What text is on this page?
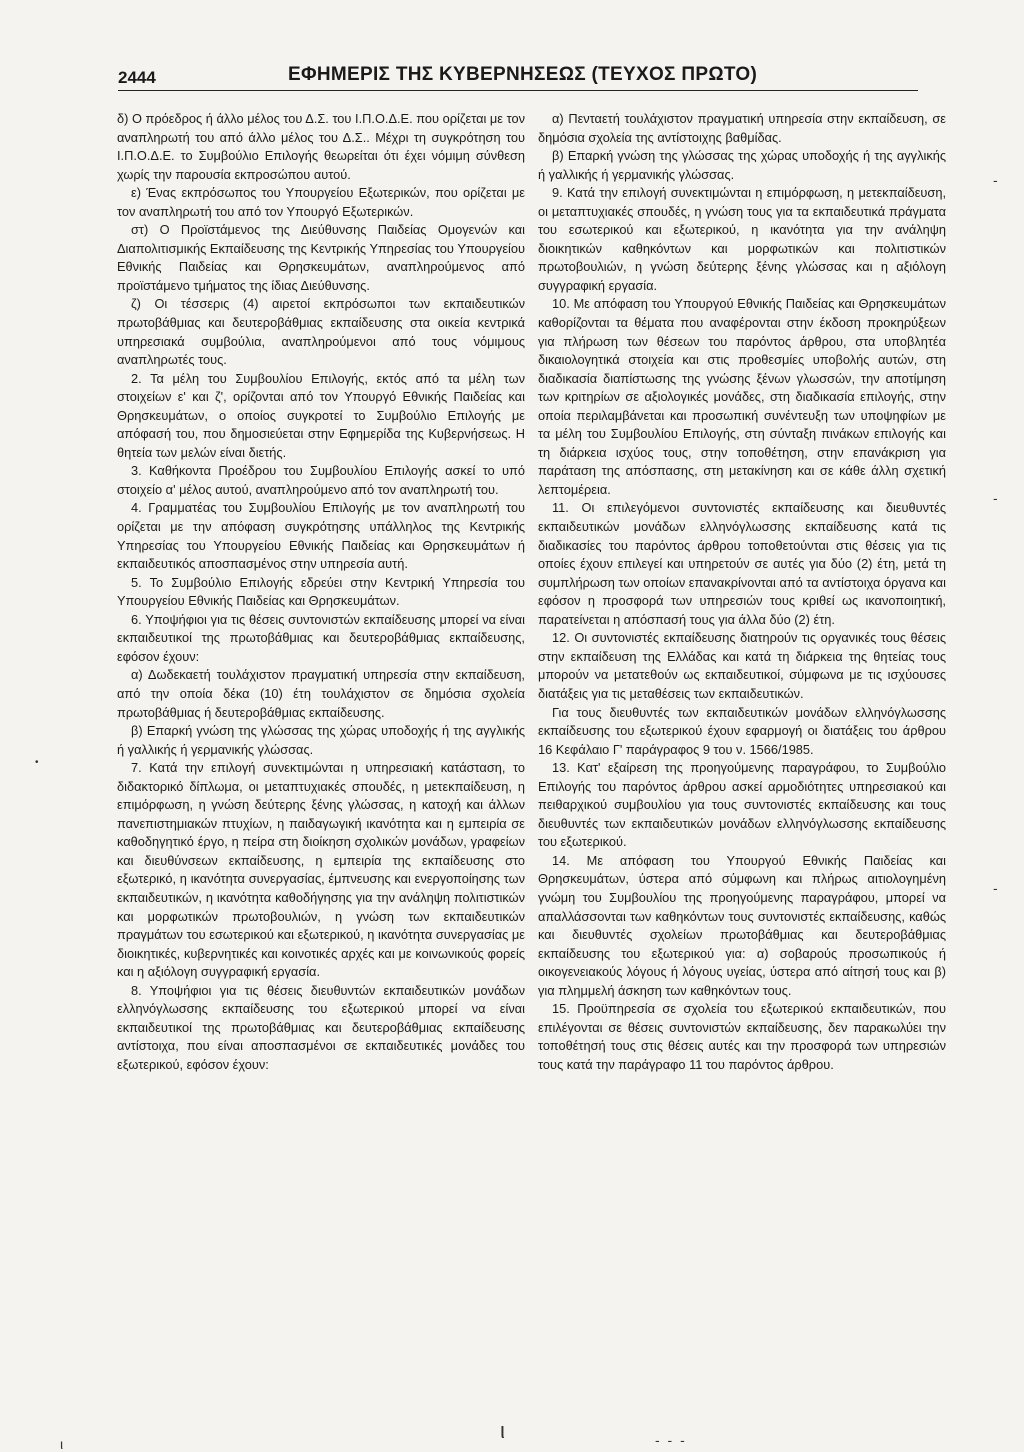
2444	ΕΦΗΜΕΡΙΣ ΤΗΣ ΚΥΒΕΡΝΗΣΕΩΣ (ΤΕΥΧΟΣ ΠΡΩΤΟ)

δ) Ο πρόεδρος ή άλλο μέλος του Δ.Σ. του Ι.Π.Ο.Δ.Ε. που ορίζεται με τον αναπληρωτή του από άλλο μέλος του Δ.Σ.. Μέχρι τη συγκρότηση του Ι.Π.Ο.Δ.Ε. το Συμβούλιο Επιλογής θεωρείται ότι έχει νόμιμη σύνθεση χωρίς την παρουσία εκπροσώπου αυτού.

ε) Ένας εκπρόσωπος του Υπουργείου Εξωτερικών, που ορίζεται με τον αναπληρωτή του από τον Υπουργό Εξωτερικών.

στ) Ο Προϊστάμενος της Διεύθυνσης Παιδείας Ομογενών και Διαπολιτισμικής Εκπαίδευσης της Κεντρικής Υπηρεσίας του Υπουργείου Εθνικής Παιδείας και Θρησκευμάτων, αναπληρούμενος από προϊστάμενο τμήματος της ίδιας Διεύθυνσης.

ζ) Οι τέσσερις (4) αιρετοί εκπρόσωποι των εκπαιδευτικών πρωτοβάθμιας και δευτεροβάθμιας εκπαίδευσης στα οικεία κεντρικά υπηρεσιακά συμβούλια, αναπληρούμενοι από τους νόμιμους αναπληρωτές τους.

2. Τα μέλη του Συμβουλίου Επιλογής, εκτός από τα μέλη των στοιχείων ε' και ζ', ορίζονται από τον Υπουργό Εθνικής Παιδείας και Θρησκευμάτων, ο οποίος συγκροτεί το Συμβούλιο Επιλογής με απόφασή του, που δημοσιεύεται στην Εφημερίδα της Κυβερνήσεως. Η θητεία των μελών είναι διετής.

3. Καθήκοντα Προέδρου του Συμβουλίου Επιλογής ασκεί το υπό στοιχείο α' μέλος αυτού, αναπληρούμενο από τον αναπληρωτή του.

4. Γραμματέας του Συμβουλίου Επιλογής με τον αναπληρωτή του ορίζεται με την απόφαση συγκρότησης υπάλληλος της Κεντρικής Υπηρεσίας του Υπουργείου Εθνικής Παιδείας και Θρησκευμάτων ή εκπαιδευτικός αποσπασμένος στην υπηρεσία αυτή.

5. Το Συμβούλιο Επιλογής εδρεύει στην Κεντρική Υπηρεσία του Υπουργείου Εθνικής Παιδείας και Θρησκευμάτων.

6. Υποψήφιοι για τις θέσεις συντονιστών εκπαίδευσης μπορεί να είναι εκπαιδευτικοί της πρωτοβάθμιας και δευτεροβάθμιας εκπαίδευσης, εφόσον έχουν:

α) Δωδεκαετή τουλάχιστον πραγματική υπηρεσία στην εκπαίδευση, από την οποία δέκα (10) έτη τουλάχιστον σε δημόσια σχολεία πρωτοβάθμιας ή δευτεροβάθμιας εκπαίδευσης.

β) Επαρκή γνώση της γλώσσας της χώρας υποδοχής ή της αγγλικής ή γαλλικής ή γερμανικής γλώσσας.

7. Κατά την επιλογή συνεκτιμώνται η υπηρεσιακή κατάσταση, το διδακτορικό δίπλωμα, οι μεταπτυχιακές σπουδές, η μετεκπαίδευση, η επιμόρφωση, η γνώση δεύτερης ξένης γλώσσας, η κατοχή και άλλων πανεπιστημιακών πτυχίων, η παιδαγωγική ικανότητα και η εμπειρία σε καθοδηγητικό έργο, η πείρα στη διοίκηση σχολικών μονάδων, γραφείων και διευθύνσεων εκπαίδευσης, η εμπειρία της εκπαίδευσης στο εξωτερικό, η ικανότητα συνεργασίας, έμπνευσης και ενεργοποίησης των εκπαιδευτικών, η ικανότητα καθοδήγησης για την ανάληψη πολιτιστικών και μορφωτικών πρωτοβουλιών, η γνώση των εκπαιδευτικών πραγμάτων του εσωτερικού και εξωτερικού, η ικανότητα συνεργασίας με διοικητικές, κυβερνητικές και κοινοτικές αρχές και με κοινωνικούς φορείς και η αξιόλογη συγγραφική εργασία.

8. Υποψήφιοι για τις θέσεις διευθυντών εκπαιδευτικών μονάδων ελληνόγλωσσης εκπαίδευσης του εξωτερικού μπορεί να είναι εκπαιδευτικοί της πρωτοβάθμιας και δευτεροβάθμιας εκπαίδευσης αντίστοιχα, που είναι αποσπασμένοι σε εκπαιδευτικές μονάδες του εξωτερικού, εφόσον έχουν:

α) Πενταετή τουλάχιστον πραγματική υπηρεσία στην εκπαίδευση, σε δημόσια σχολεία της αντίστοιχης βαθμίδας.

β) Επαρκή γνώση της γλώσσας της χώρας υποδοχής ή της αγγλικής ή γαλλικής ή γερμανικής γλώσσας.

9. Κατά την επιλογή συνεκτιμώνται η επιμόρφωση, η μετεκπαίδευση, οι μεταπτυχιακές σπουδές, η γνώση τους για τα εκπαιδευτικά πράγματα του εσωτερικού και εξωτερικού, η ικανότητα για την ανάληψη διοικητικών καθηκόντων και μορφωτικών και πολιτιστικών πρωτοβουλιών, η γνώση δεύτερης ξένης γλώσσας και η αξιόλογη συγγραφική εργασία.

10. Με απόφαση του Υπουργού Εθνικής Παιδείας και Θρησκευμάτων καθορίζονται τα θέματα που αναφέρονται στην έκδοση προκηρύξεων για πλήρωση των θέσεων του παρόντος άρθρου, στα υποβλητέα δικαιολογητικά στοιχεία και στις προθεσμίες υποβολής αυτών, στη διαδικασία διαπίστωσης της γνώσης ξένων γλωσσών, την αποτίμηση των κριτηρίων σε αξιολογικές μονάδες, στη διαδικασία επιλογής, στην οποία περιλαμβάνεται και προσωπική συνέντευξη των υποψηφίων με τα μέλη του Συμβουλίου Επιλογής, στη σύνταξη πινάκων επιλογής και τη διάρκεια ισχύος τους, στην τοποθέτηση, στην επανάκριση για παράταση της απόσπασης, στη μετακίνηση και σε κάθε άλλη σχετική λεπτομέρεια.

11. Οι επιλεγόμενοι συντονιστές εκπαίδευσης και διευθυντές εκπαιδευτικών μονάδων ελληνόγλωσσης εκπαίδευσης κατά τις διαδικασίες του παρόντος άρθρου τοποθετούνται στις θέσεις για τις οποίες έχουν επιλεγεί και υπηρετούν σε αυτές για δύο (2) έτη, μετά τη συμπλήρωση των οποίων επανακρίνονται από τα αντίστοιχα όργανα και εφόσον η προσφορά των υπηρεσιών τους κριθεί ως ικανοποιητική, παρατείνεται η απόσπασή τους για άλλα δύο (2) έτη.

12. Οι συντονιστές εκπαίδευσης διατηρούν τις οργανικές τους θέσεις στην εκπαίδευση της Ελλάδας και κατά τη διάρκεια της θητείας τους μπορούν να μετατεθούν ως εκπαιδευτικοί, σύμφωνα με τις ισχύουσες διατάξεις για τις μεταθέσεις των εκπαιδευτικών.

Για τους διευθυντές των εκπαιδευτικών μονάδων ελληνόγλωσσης εκπαίδευσης του εξωτερικού έχουν εφαρμογή οι διατάξεις του άρθρου 16 Κεφάλαιο Γ' παράγραφος 9 του ν. 1566/1985.

13. Κατ' εξαίρεση της προηγούμενης παραγράφου, το Συμβούλιο Επιλογής του παρόντος άρθρου ασκεί αρμοδιότητες υπηρεσιακού και πειθαρχικού συμβουλίου για τους συντονιστές εκπαίδευσης και τους διευθυντές των εκπαιδευτικών μονάδων ελληνόγλωσσης εκπαίδευσης του εξωτερικού.

14. Με απόφαση του Υπουργού Εθνικής Παιδείας και Θρησκευμάτων, ύστερα από σύμφωνη και πλήρως αιτιολογημένη γνώμη του Συμβουλίου της προηγούμενης παραγράφου, μπορεί να απαλλάσσονται των καθηκόντων τους συντονιστές εκπαίδευσης, καθώς και διευθυντές σχολείων πρωτοβάθμιας και δευτεροβάθμιας εκπαίδευσης του εξωτερικού για: α) σοβαρούς προσωπικούς ή οικογενειακούς λόγους ή λόγους υγείας, ύστερα από αίτησή τους και β) για πλημμελή άσκηση των καθηκόντων τους.

15. Προϋπηρεσία σε σχολεία του εξωτερικού εκπαιδευτικών, που επιλέγονται σε θέσεις συντονιστών εκπαίδευσης, δεν παρακωλύει την τοποθέτησή τους στις θέσεις αυτές και την προσφορά των υπηρεσιών τους κατά την παράγραφο 11 του παρόντος άρθρου.

-
-
-
•
ι
ι	- - -
